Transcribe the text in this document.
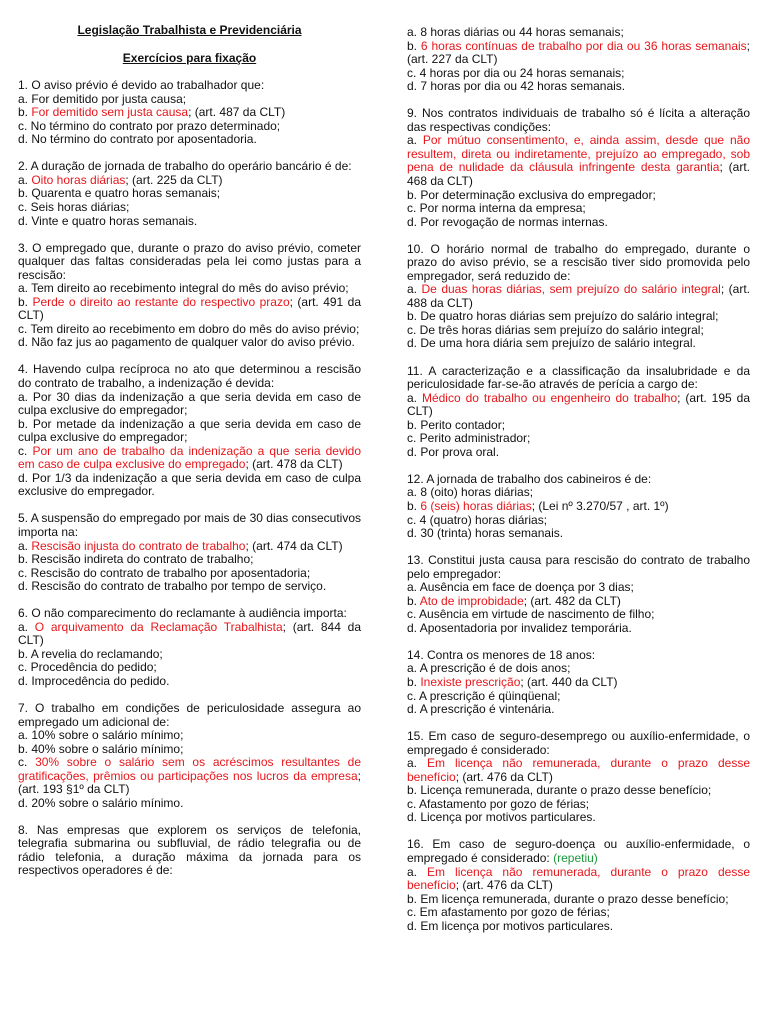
Legislação Trabalhista e Previdenciária

Exercícios para fixação

1. O aviso prévio é devido ao trabalhador que:

a. For demitido por justa causa;

b. For demitido sem justa causa; (art. 487 da CLT)

c. No término do contrato por prazo determinado;

d. No término do contrato por aposentadoria.

2. A duração de jornada de trabalho do operário bancário é de:

a. Oito horas diárias; (art. 225 da CLT)

b. Quarenta e quatro horas semanais;

c. Seis horas diárias;

d. Vinte e quatro horas semanais.

3. O empregado que, durante o prazo do aviso prévio, cometer qualquer das faltas consideradas pela lei como justas para a rescisão:

a. Tem direito ao recebimento integral do mês do aviso prévio;

b. Perde o direito ao restante do respectivo prazo; (art. 491 da CLT)

c. Tem direito ao recebimento em dobro do mês do aviso prévio;

d. Não faz jus ao pagamento de qualquer valor do aviso prévio.

4. Havendo culpa recíproca no ato que determinou a rescisão do contrato de trabalho, a indenização é devida:

a. Por 30 dias da indenização a que seria devida em caso de culpa exclusive do empregador;

b. Por metade da indenização a que seria devida em caso de culpa exclusive do empregador;

c. Por um ano de trabalho da indenização a que seria devido em caso de culpa exclusive do empregado; (art. 478 da CLT)

d. Por 1/3 da indenização a que seria devida em caso de culpa exclusive do empregador.

5. A suspensão do empregado por mais de 30 dias consecutivos importa na:

a. Rescisão injusta do contrato de trabalho; (art. 474 da CLT)

b. Rescisão indireta do contrato de trabalho;

c. Rescisão do contrato de trabalho por aposentadoria;

d. Rescisão do contrato de trabalho por tempo de serviço.

6. O não comparecimento do reclamante à audiência importa:

a. O arquivamento da Reclamação Trabalhista; (art. 844 da CLT)

b. A revelia do reclamando;

c. Procedência do pedido;

d. Improcedência do pedido.

7. O trabalho em condições de periculosidade assegura ao empregado um adicional de:

a. 10% sobre o salário mínimo;

b. 40% sobre o salário mínimo;

c. 30% sobre o salário sem os acréscimos resultantes de gratificações, prêmios ou participações nos lucros da empresa; (art. 193 §1º da CLT)

d. 20% sobre o salário mínimo.

8. Nas empresas que explorem os serviços de telefonia, telegrafia submarina ou subfluvial, de rádio telegrafia ou de rádio telefonia, a duração máxima da jornada para os respectivos operadores é de:

a. 8 horas diárias ou 44 horas semanais;

b. 6 horas contínuas de trabalho por dia ou 36 horas semanais; (art. 227 da CLT)

c. 4 horas por dia ou 24 horas semanais;

d. 7 horas por dia ou 42 horas semanais.

9. Nos contratos individuais de trabalho só é lícita a alteração das respectivas condições:

a. Por mútuo consentimento, e, ainda assim, desde que não resultem, direta ou indiretamente, prejuízo ao empregado, sob pena de nulidade da cláusula infringente desta garantia; (art. 468 da CLT)

b. Por determinação exclusiva do empregador;

c. Por norma interna da empresa;

d. Por revogação de normas internas.

10. O horário normal de trabalho do empregado, durante o prazo do aviso prévio, se a rescisão tiver sido promovida pelo empregador, será reduzido de:

a. De duas horas diárias, sem prejuízo do salário integral; (art. 488 da CLT)

b. De quatro horas diárias sem prejuízo do salário integral;

c. De três horas diárias sem prejuízo do salário integral;

d. De uma hora diária sem prejuízo de salário integral.

11. A caracterização e a classificação da insalubridade e da periculosidade far-se-ão através de perícia a cargo de:

a. Médico do trabalho ou engenheiro do trabalho; (art. 195 da CLT)

b. Perito contador;

c. Perito administrador;

d. Por prova oral.

12. A jornada de trabalho dos cabineiros é de:

a. 8 (oito) horas diárias;

b. 6 (seis) horas diárias; (Lei nº 3.270/57 , art. 1º)

c. 4 (quatro) horas diárias;

d. 30 (trinta) horas semanais.

13. Constitui justa causa para rescisão do contrato de trabalho pelo empregador:

a. Ausência em face de doença por 3 dias;

b. Ato de improbidade; (art. 482 da CLT)

c. Ausência em virtude de nascimento de filho;

d. Aposentadoria por invalidez temporária.

14. Contra os menores de 18 anos:

a. A prescrição é de dois anos;

b. Inexiste prescrição; (art. 440 da CLT)

c. A prescrição é qüinqüenal;

d. A prescrição é vintenária.

15. Em caso de seguro-desemprego ou auxílio-enfermidade, o empregado é considerado:

a. Em licença não remunerada, durante o prazo desse benefício; (art. 476 da CLT)

b. Licença remunerada, durante o prazo desse benefício;

c. Afastamento por gozo de férias;

d. Licença por motivos particulares.

16. Em caso de seguro-doença ou auxílio-enfermidade, o empregado é considerado: (repetiu)

a. Em licença não remunerada, durante o prazo desse benefício; (art. 476 da CLT)

b. Em licença remunerada, durante o prazo desse benefício;

c. Em afastamento por gozo de férias;

d. Em licença por motivos particulares.
